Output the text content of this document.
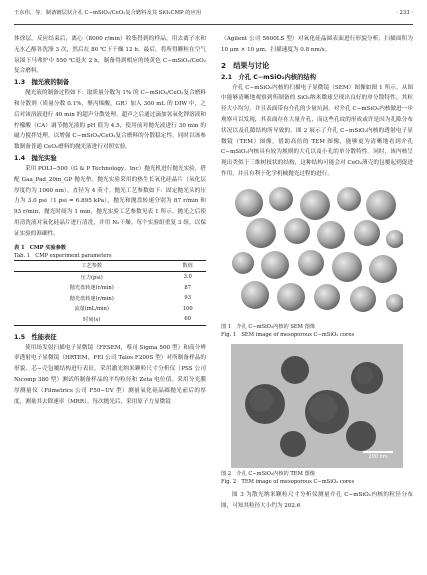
王东伟，等．制备镀层状介孔 C−mSiO₂/CeO₂复合磨料及其 SiO₂CMP 的应用	· 233 ·

体徐层。反应结束后，离心（8000 r/min）收集得到的样品，用去离子水和无水乙醇各洗涤 3 次，然后在 80 ℃下干燥 12 h。最后，将所得颗粒在空气氛围下马弗炉中 550 ℃退火 2 h，制备得到相应的纯黄色 C−mSiO₂/CeO₂复合磨料。

1.3　抛光液的制备

抛光液的制备过程如下：取质量分数为 1% 的 C−mSiO₂/CeO₂复合磨料和分散剂（质量分数 0.1%，聚丙烯酸，GR）加入 300 mL 的 DIW 中，之后对该溶液进行 40 min 的超声分散处理。超声之后通过滴加氢氧化钾溶液和柠檬酸（CA）调节抛光液的 pH 值为 4.5，使用前对抛光液进行 30 min 的磁力搅拌处理，以增强 C−mSiO₂/CeO₂复合磨料的分散稳定性。同时以该参数制备普通 CeO₂磨料的抛光液进行对照实验。

1.4　抛光实验

采用 POLI−500（G & P Technology，Inc）抛光机进行抛光实验，搭配 Gaa_Pad_20in_GP 抛光垫。抛光实验采用的热生长氧化硅晶片（氧化层厚度约为 1060 nm），直径为 4 英寸。抛光工艺参数如下：固定抛光头的压力为 3.0 psi（1 psi = 6.895 kPa），抛光和抛盘转速分别为 87 r/min 和 93 r/min，抛光时间为 1 min，抛光实验工艺参数见表 1 所示。抛光之后使用清洗液对氧化硅晶片进行清洗，并用 N₂干燥。每个实验组重复 3 组，以保证实验的准确性。

表 1　CMP 实验参数
Tab. 1　CMP experiment parameters
工艺参数	数值
压力(psi)	3.0
抛光盘转速(r/min)	87
抛光盘转速(r/min)	93
流量(mL/min)	100
时间(s)	60
1.5　性能表征

使用场发射扫描电子显微镜（FESEM，蔡司 Sigma 500 型）和高分辨率透射电子显微镜（HRTEM，FEI 公司 Talos F200S 型）对所制备样品的形貌、芯−壳包覆结构进行表征。采用激光纳米颗粒尺寸分析仪（PSS 公司 Nicomp 380 型）测试所制备样品的平均粒径和 Zeta 电位值。采用分光膜厚测量仪（Filmetrics 公司 F50−UV 型）测量氧化硅晶圆抛光前后的厚度，测量其去除速率（MRR）。每次抛光后，采用原子力显微镜

（Agilent 公司 5600LS 型）对氧化硅晶圆表面进行形貌分析，扫描面积为 10 μm × 10 μm，扫描速度为 0.8 nm/s。

2　结果与讨论
2.1　介孔 C−mSiO₂内核的结构

介孔 C−mSiO₂内核的扫描电子显微镜（SEM）图像如图 1 所示。从图中能够清晰地观察到所制备的 SiO₂纳米微球呈现出良好的单分散特性，其粒径大小均匀，并且表面带有介孔的少量坑洞。对介孔 C−mSiO₂内核做进一步观察可以发现，其表面存在大量介孔，而这些孔纹的形成或许是因为孔隙分布状况以及孔隙结构所导致的。图 2 展示了介孔 C−mSiO₂内核的透射电子显微镜（TEM）图像，借助高倍的 TEM 图像，能够更为清晰地看到介孔 C−mSiO₂内核具有较为规则的大孔以及小孔的单分散特性。同时，该内核呈现出类似于三维树枝状的结构，这种结构可能会对 CeO₂薄壳的包覆起到促进作用，并且有利于化学机械抛光过程的进行。

图 1　介孔 C−mSiO₂内核的 SEM 图像
Fig. 1　SEM image of mesoporous C−mSiO₂ cores
200 nm
图 2　介孔 C−mSiO₂内核的 TEM 图像
Fig. 2　TEM image of mesoporous C−mSiO₂ cores

图 3 为散光纳米颗粒尺寸分析仪测量介孔 C−mSiO₂内核的粒径分布图，可知其粒径大小约为 202.6
